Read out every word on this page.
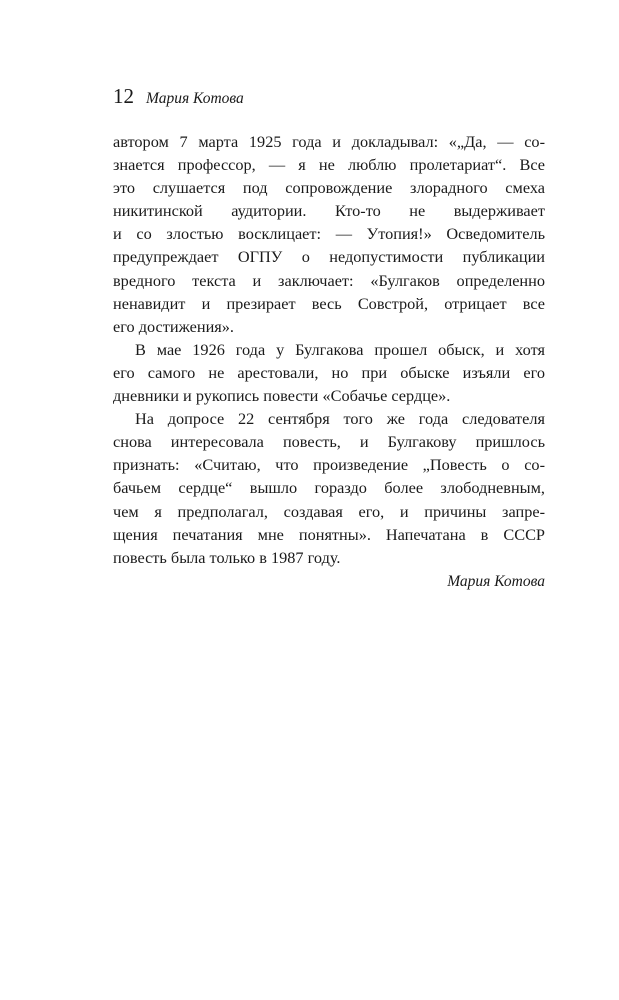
12 Мария Котова

автором 7 марта 1925 года и докладывал: «„Да, — со-
знается профессор, — я не люблю пролетариат“. Все
это слушается под сопровождение злорадного смеха
никитинской аудитории. Кто-то не выдерживает
и со злостью восклицает: — Утопия!» Осведомитель
предупреждает ОГПУ о недопустимости публикации
вредного текста и заключает: «Булгаков определенно
ненавидит и презирает весь Совстрой, отрицает все
его достижения».

В мае 1926 года у Булгакова прошел обыск, и хотя
его самого не арестовали, но при обыске изъяли его
дневники и рукопись повести «Собачье сердце».

На допросе 22 сентября того же года следователя
снова интересовала повесть, и Булгакову пришлось
признать: «Считаю, что произведение „Повесть о со-
бачьем сердце“ вышло гораздо более злободневным,
чем я предполагал, создавая его, и причины запре-
щения печатания мне понятны». Напечатана в СССР
повесть была только в 1987 году.

Мария Котова
